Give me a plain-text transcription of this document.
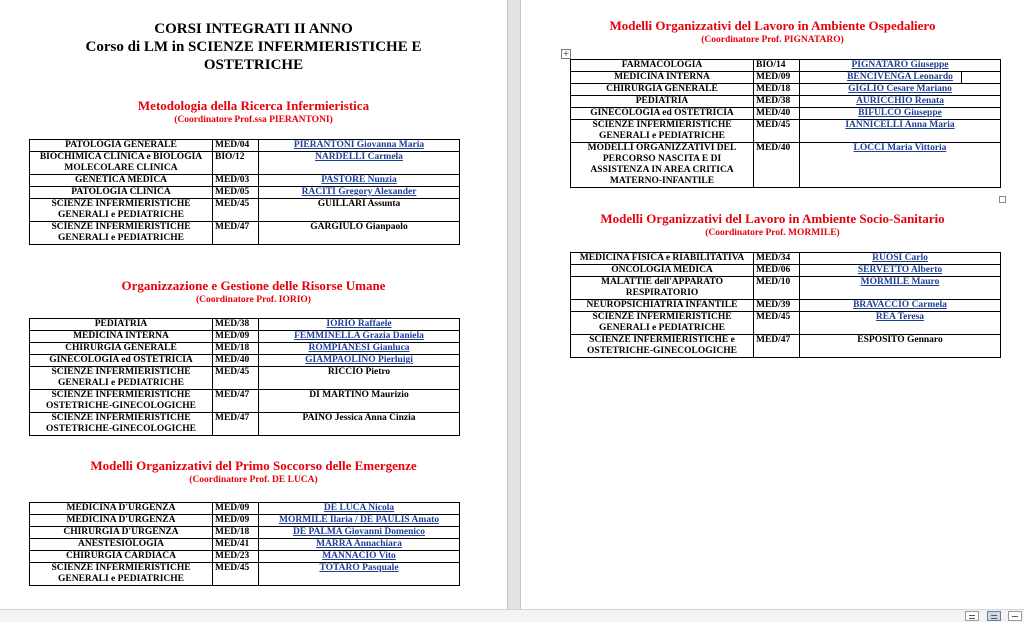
CORSI INTEGRATI II ANNO
Corso di LM in SCIENZE INFERMIERISTICHE E
OSTETRICHE
Metodologia della Ricerca Infermieristica
(Coordinatore Prof.ssa PIERANTONI)
PATOLOGIA GENERALE	MED/04	PIERANTONI Giovanna Maria
BIOCHIMICA CLINICA e BIOLOGIA MOLECOLARE CLINICA	BIO/12	NARDELLI Carmela
GENETICA MEDICA	MED/03	PASTORE Nunzia
PATOLOGIA CLINICA	MED/05	RACITI Gregory Alexander
SCIENZE INFERMIERISTICHE GENERALI e PEDIATRICHE	MED/45	GUILLARI Assunta
SCIENZE INFERMIERISTICHE GENERALI e PEDIATRICHE	MED/47	GARGIULO Gianpaolo
Organizzazione e Gestione delle Risorse Umane
(Coordinatore Prof. IORIO)
PEDIATRIA	MED/38	IORIO Raffaele
MEDICINA INTERNA	MED/09	FEMMINELLA Grazia Daniela
CHIRURGIA GENERALE	MED/18	ROMPIANESI Gianluca
GINECOLOGIA ed OSTETRICIA	MED/40	GIAMPAOLINO Pierluigi
SCIENZE INFERMIERISTICHE GENERALI e PEDIATRICHE	MED/45	RICCIO Pietro
SCIENZE INFERMIERISTICHE OSTETRICHE-GINECOLOGICHE	MED/47	DI MARTINO Maurizio
SCIENZE INFERMIERISTICHE OSTETRICHE-GINECOLOGICHE	MED/47	PAINO Jessica Anna Cinzia
Modelli Organizzativi del Primo Soccorso delle Emergenze
(Coordinatore Prof. DE LUCA)
MEDICINA D'URGENZA	MED/09	DE LUCA Nicola
MEDICINA D'URGENZA	MED/09	MORMILE Ilaria / DE PAULIS Amato
CHIRURGIA D'URGENZA	MED/18	DE PALMA Giovanni Domenico
ANESTESIOLOGIA	MED/41	MARRA Annachiara
CHIRURGIA CARDIACA	MED/23	MANNACIO Vito
SCIENZE INFERMIERISTICHE GENERALI e PEDIATRICHE	MED/45	TOTARO Pasquale
Modelli Organizzativi del Lavoro in Ambiente Ospedaliero
(Coordinatore Prof. PIGNATARO)
FARMACOLOGIA	BIO/14	PIGNATARO Giuseppe
MEDICINA INTERNA	MED/09	BENCIVENGA Leonardo
CHIRURGIA GENERALE	MED/18	GIGLIO Cesare Mariano
PEDIATRIA	MED/38	AURICCHIO Renata
GINECOLOGIA ed OSTETRICIA	MED/40	BIFULCO Giuseppe
SCIENZE INFERMIERISTICHE GENERALI e PEDIATRICHE	MED/45	IANNICELLI Anna Maria
MODELLI ORGANIZZATIVI DEL PERCORSO NASCITA E DI ASSISTENZA IN AREA CRITICA MATERNO-INFANTILE	MED/40	LOCCI Maria Vittoria
Modelli Organizzativi del Lavoro in Ambiente Socio-Sanitario
(Coordinatore Prof. MORMILE)
MEDICINA FISICA e RIABILITATIVA	MED/34	RUOSI Carlo
ONCOLOGIA MEDICA	MED/06	SERVETTO Alberto
MALATTIE dell'APPARATO RESPIRATORIO	MED/10	MORMILE Mauro
NEUROPSICHIATRIA INFANTILE	MED/39	BRAVACCIO Carmela
SCIENZE INFERMIERISTICHE GENERALI e PEDIATRICHE	MED/45	REA Teresa
SCIENZE INFERMIERISTICHE e OSTETRICHE-GINECOLOGICHE	MED/47	ESPOSITO Gennaro
+
